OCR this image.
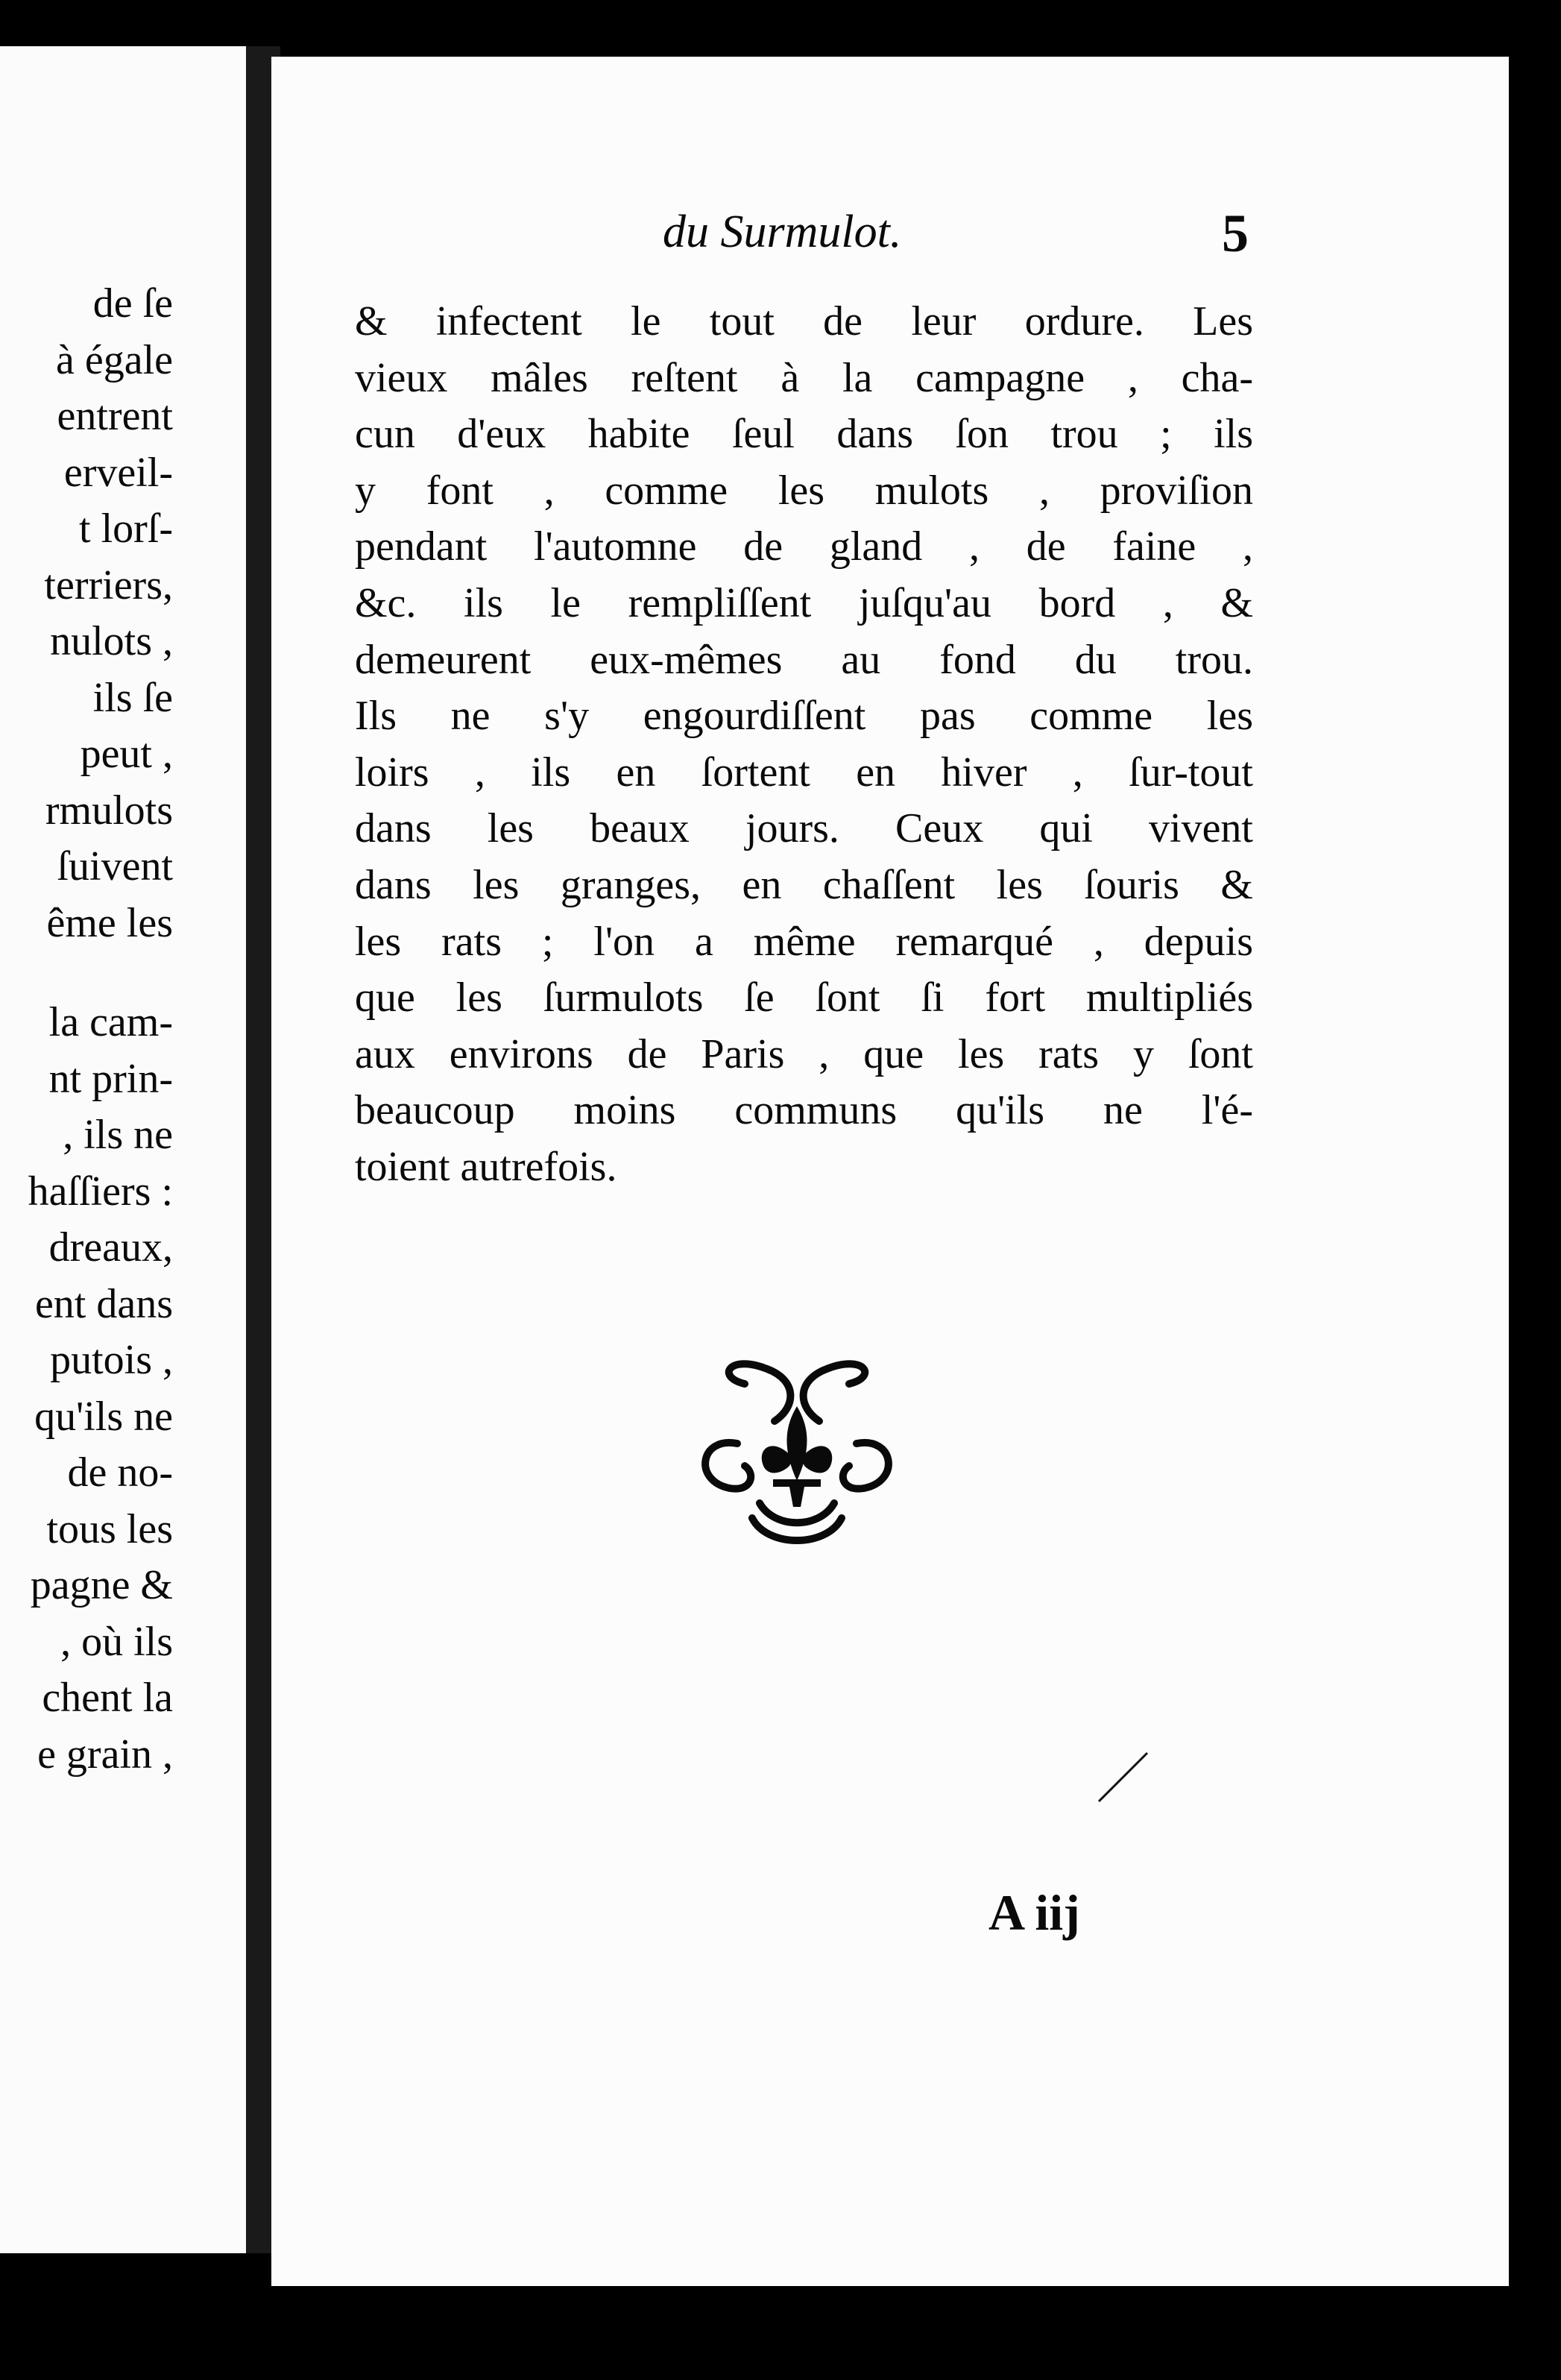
de ſe
à égale
entrent
erveil-
t lorſ-
terriers,
nulots ,
ils ſe
peut ,
rmulots
ſuivent
ême les
la cam-
nt prin-
, ils ne
haſſiers :
dreaux,
ent dans
putois ,
qu'ils ne
de no-
tous les
pagne &
, où ils
chent la
e grain ,
du Surmulot.	5
& infectent le tout de leur ordure. Les
vieux mâles reſtent à la campagne , cha-
cun d'eux habite ſeul dans ſon trou ; ils
y font , comme les mulots , proviſion
pendant l'automne de gland , de faine ,
&c. ils le rempliſſent juſqu'au bord , &
demeurent eux-mêmes au fond du trou.
Ils ne s'y engourdiſſent pas comme les
loirs , ils en ſortent en hiver , ſur-tout
dans les beaux jours. Ceux qui vivent
dans les granges, en chaſſent les ſouris &
les rats ; l'on a même remarqué , depuis
que les ſurmulots ſe ſont ſi fort multipliés
aux environs de Paris , que les rats y ſont
beaucoup moins communs qu'ils ne l'é-
toient autrefois.
A iij
